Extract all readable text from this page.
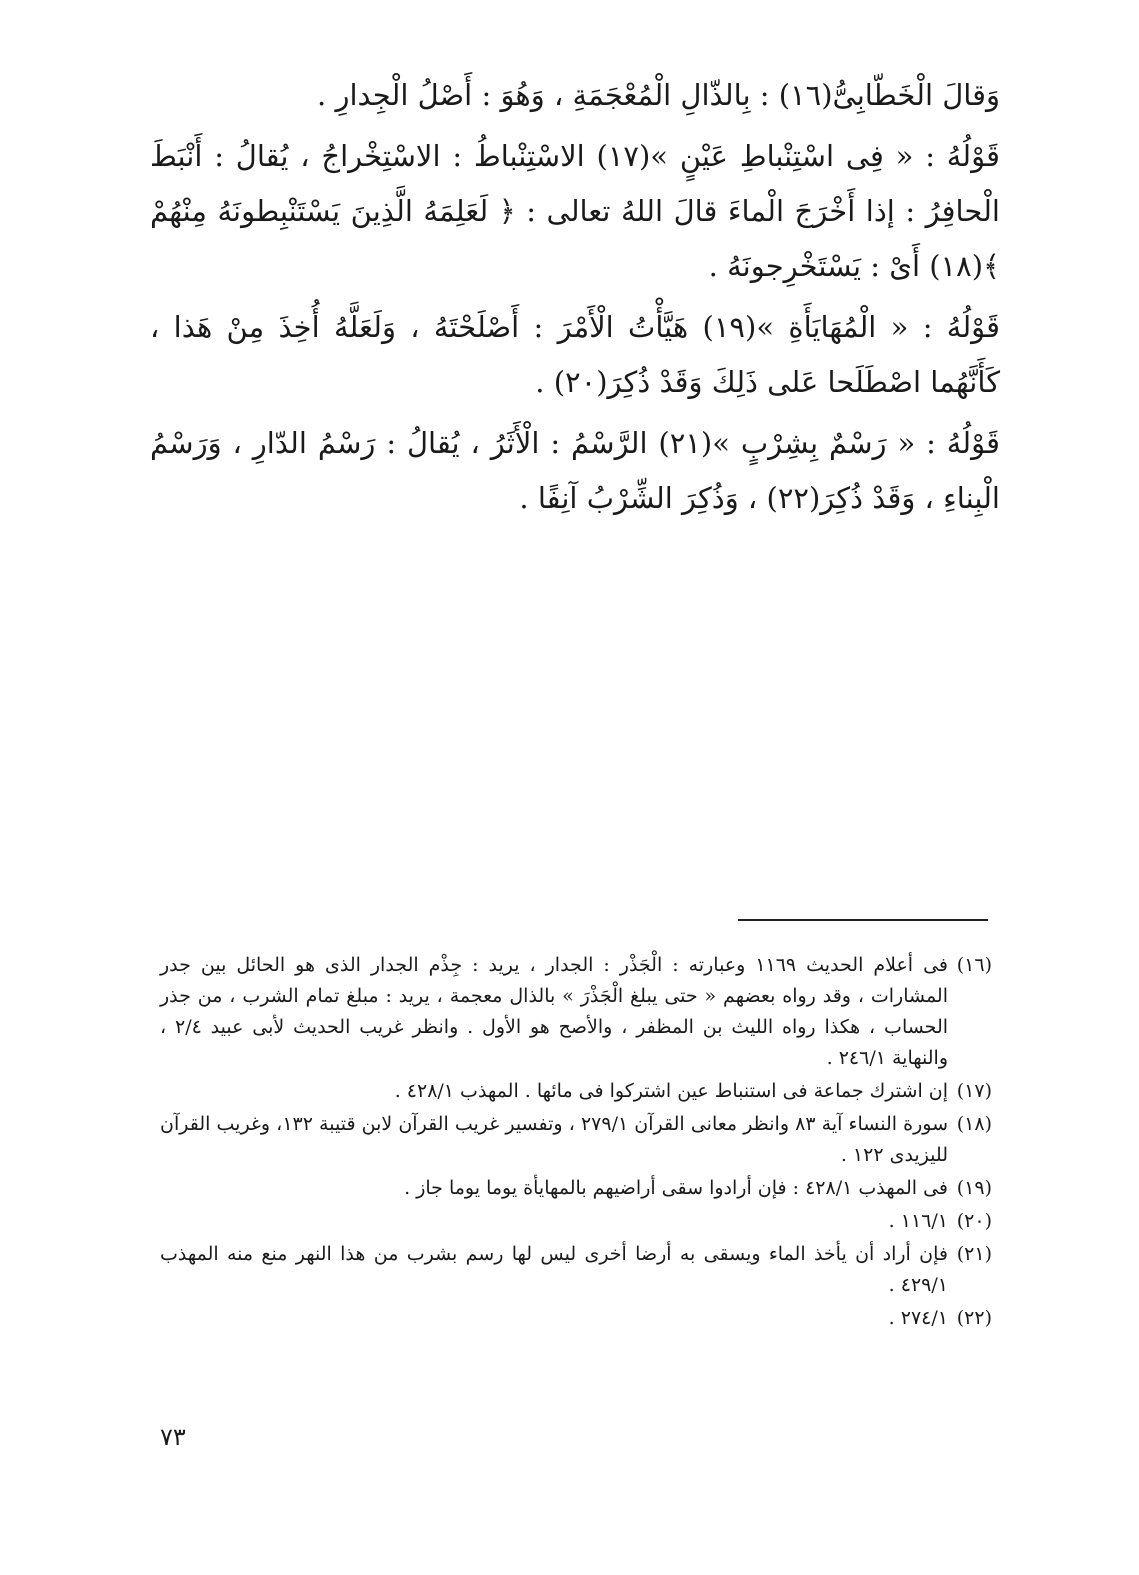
وَقالَ الْخَطّابِىُّ(١٦) : بِالذّالِ الْمُعْجَمَةِ ، وَهُوَ : أَصْلُ الْجِدارِ .

قَوْلُهُ : « فِى اسْتِنْباطِ عَيْنٍ »(١٧) الاسْتِنْباطُ : الاسْتِخْراجُ ، يُقالُ : أَنْبَطَ الْحافِرُ : إذا أَخْرَجَ الْماءَ قالَ اللهُ تعالى : ﴿ لَعَلِمَهُ الَّذِينَ يَسْتَنْبِطونَهُ مِنْهُمْ ﴾(١٨) أَىْ : يَسْتَخْرِجونَهُ .

قَوْلُهُ : « الْمُهَايَأَةِ »(١٩) هَيَّأْتُ الْأَمْرَ : أَصْلَحْتَهُ ، وَلَعَلَّهُ أُخِذَ مِنْ هَذا ، كَأَنَّهُما اصْطَلَحا عَلى ذَلِكَ وَقَدْ ذُكِرَ(٢٠) .

قَوْلُهُ : « رَسْمٌ بِشِرْبٍ »(٢١) الرَّسْمُ : الْأَثَرُ ، يُقالُ : رَسْمُ الدّارِ ، وَرَسْمُ الْبِناءِ ، وَقَدْ ذُكِرَ(٢٢) ، وَذُكِرَ الشِّرْبُ آنِفًا .

(١٦)
فى أعلام الحديث ١١٦٩ وعبارته : الْجَذْر : الجدار ، يريد : جِذْم الجدار الذى هو الحائل بين جدر المشارات ، وقد رواه بعضهم « حتى يبلغ الْجَذْرَ » بالذال معجمة ، يريد : مبلغ تمام الشرب ، من جذر الحساب ، هكذا رواه الليث بن المظفر ، والأصح هو الأول . وانظر غريب الحديث لأبى عبيد ٢/٤ ، والنهاية ٢٤٦/١ .
(١٧)
إن اشترك جماعة فى استنباط عين اشتركوا فى مائها . المهذب ٤٢٨/١ .
(١٨)
سورة النساء آية ٨٣ وانظر معانى القرآن ٢٧٩/١ ، وتفسير غريب القرآن لابن قتيبة ١٣٢، وغريب القرآن لليزيدى ١٢٢ .
(١٩)
فى المهذب ٤٢٨/١ : فإن أرادوا سقى أراضيهم بالمهايأة يوما يوما جاز .
(٢٠)
١١٦/١ .
(٢١)
فإن أراد أن يأخذ الماء ويسقى به أرضا أخرى ليس لها رسم بشرب من هذا النهر منع منه المهذب ٤٢٩/١ .
(٢٢)
٢٧٤/١ .
٧٣
